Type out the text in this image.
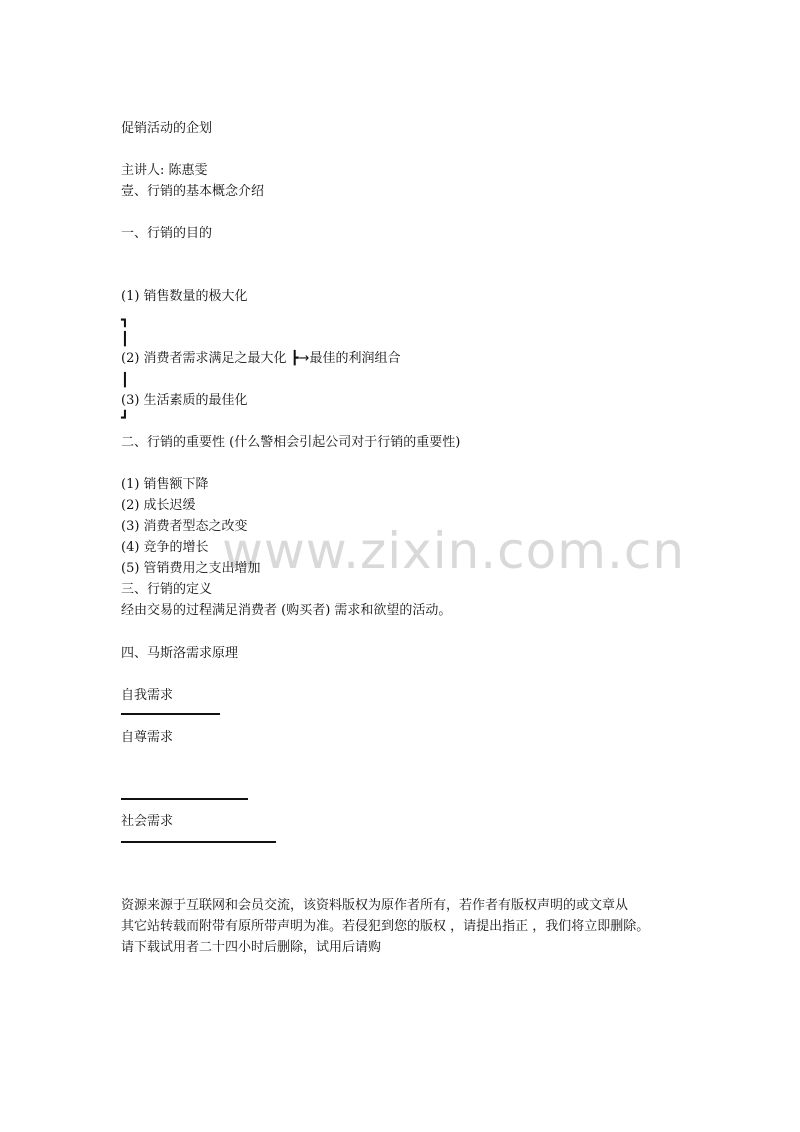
www.zixin.com.cn
促销活动的企划
主讲人: 陈惠雯
壹、行销的基本概念介绍
一、行销的目的
(1) 销售数量的极大化
┓
┃
(2) 消费者需求满足之最大化 ┣→最佳的利润组合
┃
(3) 生活素质的最佳化
┛
二、行销的重要性 (什么警相会引起公司对于行销的重要性)
(1) 销售额下降
(2) 成长迟缓
(3) 消费者型态之改变
(4) 竞争的增长
(5) 管销费用之支出增加
三、行销的定义
经由交易的过程满足消费者 (购买者) 需求和欲望的活动。
四、马斯洛需求原理
自我需求
自尊需求
社会需求
资源来源于互联网和会员交流，该资料版权为原作者所有，若作者有版权声明的或文章从
其它站转载而附带有原所带声明为准。若侵犯到您的版权 ，请提出指正 ，我们将立即删除。
请下载试用者二十四小时后删除，试用后请购
